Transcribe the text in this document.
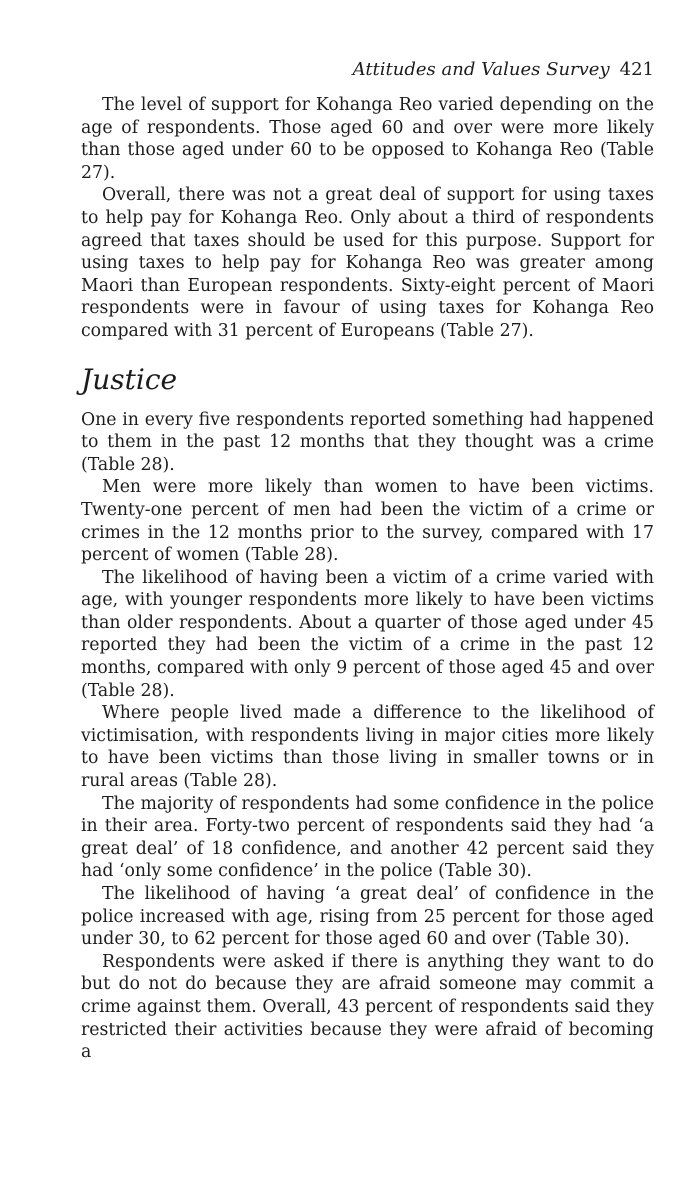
Attitudes and Values Survey 421

The level of support for Kohanga Reo varied depending on the age of respondents. Those aged 60 and over were more likely than those aged under 60 to be opposed to Kohanga Reo (Table 27).

Overall, there was not a great deal of support for using taxes to help pay for Kohanga Reo. Only about a third of respondents agreed that taxes should be used for this purpose. Support for using taxes to help pay for Kohanga Reo was greater among Maori than European respondents. Sixty-eight percent of Maori respondents were in favour of using taxes for Kohanga Reo compared with 31 percent of Europeans (Table 27).

Justice

One in every five respondents reported something had happened to them in the past 12 months that they thought was a crime (Table 28).

Men were more likely than women to have been victims. Twenty-one percent of men had been the victim of a crime or crimes in the 12 months prior to the survey, compared with 17 percent of women (Table 28).

The likelihood of having been a victim of a crime varied with age, with younger respondents more likely to have been victims than older respondents. About a quarter of those aged under 45 reported they had been the victim of a crime in the past 12 months, compared with only 9 percent of those aged 45 and over (Table 28).

Where people lived made a difference to the likelihood of victimisation, with respondents living in major cities more likely to have been victims than those living in smaller towns or in rural areas (Table 28).

The majority of respondents had some confidence in the police in their area. Forty-two percent of respondents said they had ‘a great deal’ of 18 confidence, and another 42 percent said they had ‘only some confidence’ in the police (Table 30).

The likelihood of having ‘a great deal’ of confidence in the police increased with age, rising from 25 percent for those aged under 30, to 62 percent for those aged 60 and over (Table 30).

Respondents were asked if there is anything they want to do but do not do because they are afraid someone may commit a crime against them. Overall, 43 percent of respondents said they restricted their activities because they were afraid of becoming a
